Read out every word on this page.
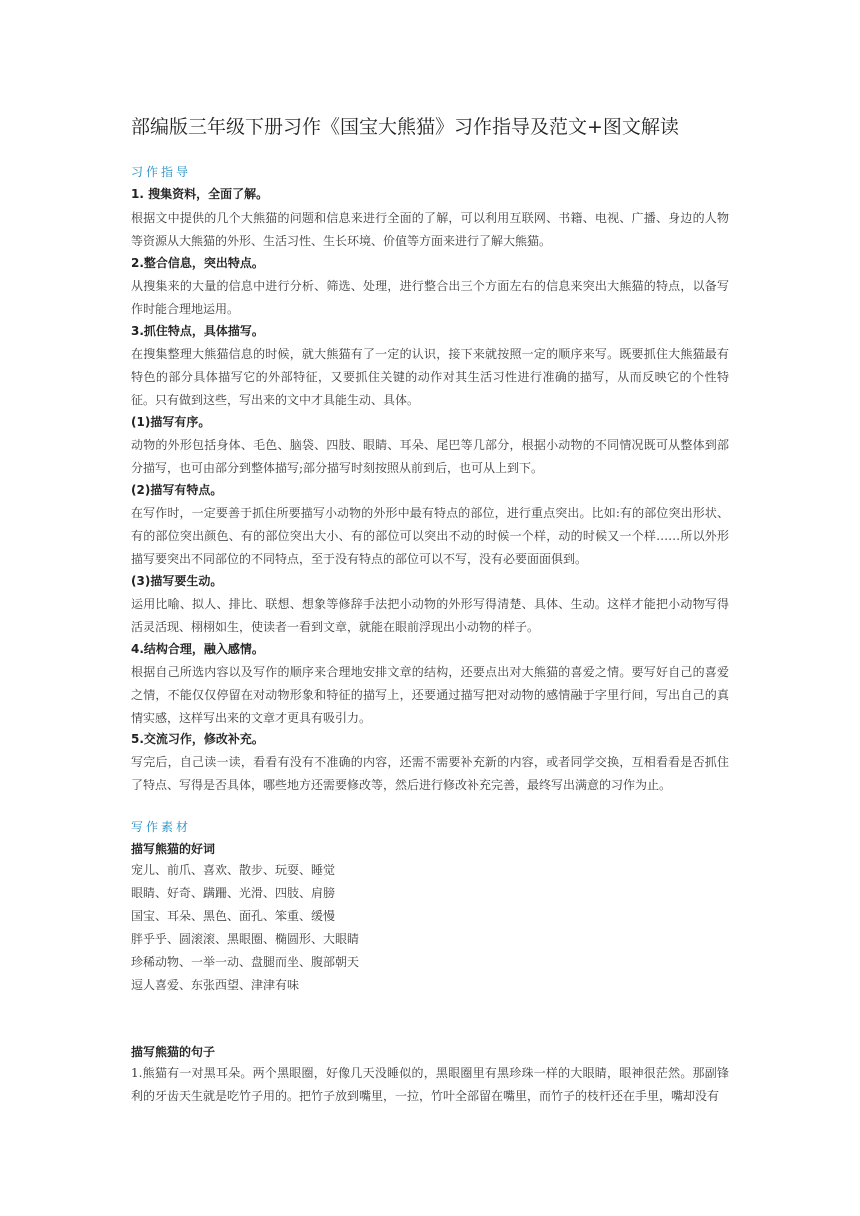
部编版三年级下册习作《国宝大熊猫》习作指导及范文+图文解读
习作指导
1. 搜集资料，全面了解。

根据文中提供的几个大熊猫的问题和信息来进行全面的了解，可以利用互联网、书籍、电视、广播、身边的人物等资源从大熊猫的外形、生活习性、生长环境、价值等方面来进行了解大熊猫。

2.整合信息，突出特点。

从搜集来的大量的信息中进行分析、筛选、处理，进行整合出三个方面左右的信息来突出大熊猫的特点，以备写作时能合理地运用。

3.抓住特点，具体描写。

在搜集整理大熊猫信息的时候，就大熊猫有了一定的认识，接下来就按照一定的顺序来写。既要抓住大熊猫最有特色的部分具体描写它的外部特征，又要抓住关键的动作对其生活习性进行准确的描写，从而反映它的个性特征。只有做到这些，写出来的文中才具能生动、具体。

(1)描写有序。

动物的外形包括身体、毛色、脑袋、四肢、眼睛、耳朵、尾巴等几部分，根据小动物的不同情况既可从整体到部分描写，也可由部分到整体描写;部分描写时刻按照从前到后，也可从上到下。

(2)描写有特点。

在写作时，一定要善于抓住所要描写小动物的外形中最有特点的部位，进行重点突出。比如:有的部位突出形状、有的部位突出颜色、有的部位突出大小、有的部位可以突出不动的时候一个样，动的时候又一个样……所以外形描写要突出不同部位的不同特点，至于没有特点的部位可以不写，没有必要面面俱到。

(3)描写要生动。

运用比喻、拟人、排比、联想、想象等修辞手法把小动物的外形写得清楚、具体、生动。这样才能把小动物写得活灵活现、栩栩如生，使读者一看到文章，就能在眼前浮现出小动物的样子。

4.结构合理，融入感情。

根据自己所选内容以及写作的顺序来合理地安排文章的结构，还要点出对大熊猫的喜爱之情。要写好自己的喜爱之情，不能仅仅停留在对动物形象和特征的描写上，还要通过描写把对动物的感情融于字里行间，写出自己的真情实感，这样写出来的文章才更具有吸引力。

5.交流习作，修改补充。

写完后，自己读一读，看看有没有不准确的内容，还需不需要补充新的内容，或者同学交换，互相看看是否抓住了特点、写得是否具体，哪些地方还需要修改等，然后进行修改补充完善，最终写出满意的习作为止。

写作素材
描写熊猫的好词
宠儿、前爪、喜欢、散步、玩耍、睡觉
眼睛、好奇、蹒跚、光滑、四肢、肩膀
国宝、耳朵、黑色、面孔、笨重、缓慢
胖乎乎、圆滚滚、黑眼圈、椭圆形、大眼睛
珍稀动物、一举一动、盘腿而坐、腹部朝天
逗人喜爱、东张西望、津津有味
描写熊猫的句子

1.熊猫有一对黑耳朵。两个黑眼圈，好像几天没睡似的，黑眼圈里有黑珍珠一样的大眼睛，眼神很茫然。那副锋利的牙齿天生就是吃竹子用的。把竹子放到嘴里，一拉，竹叶全部留在嘴里，而竹子的枝杆还在手里，嘴却没有
